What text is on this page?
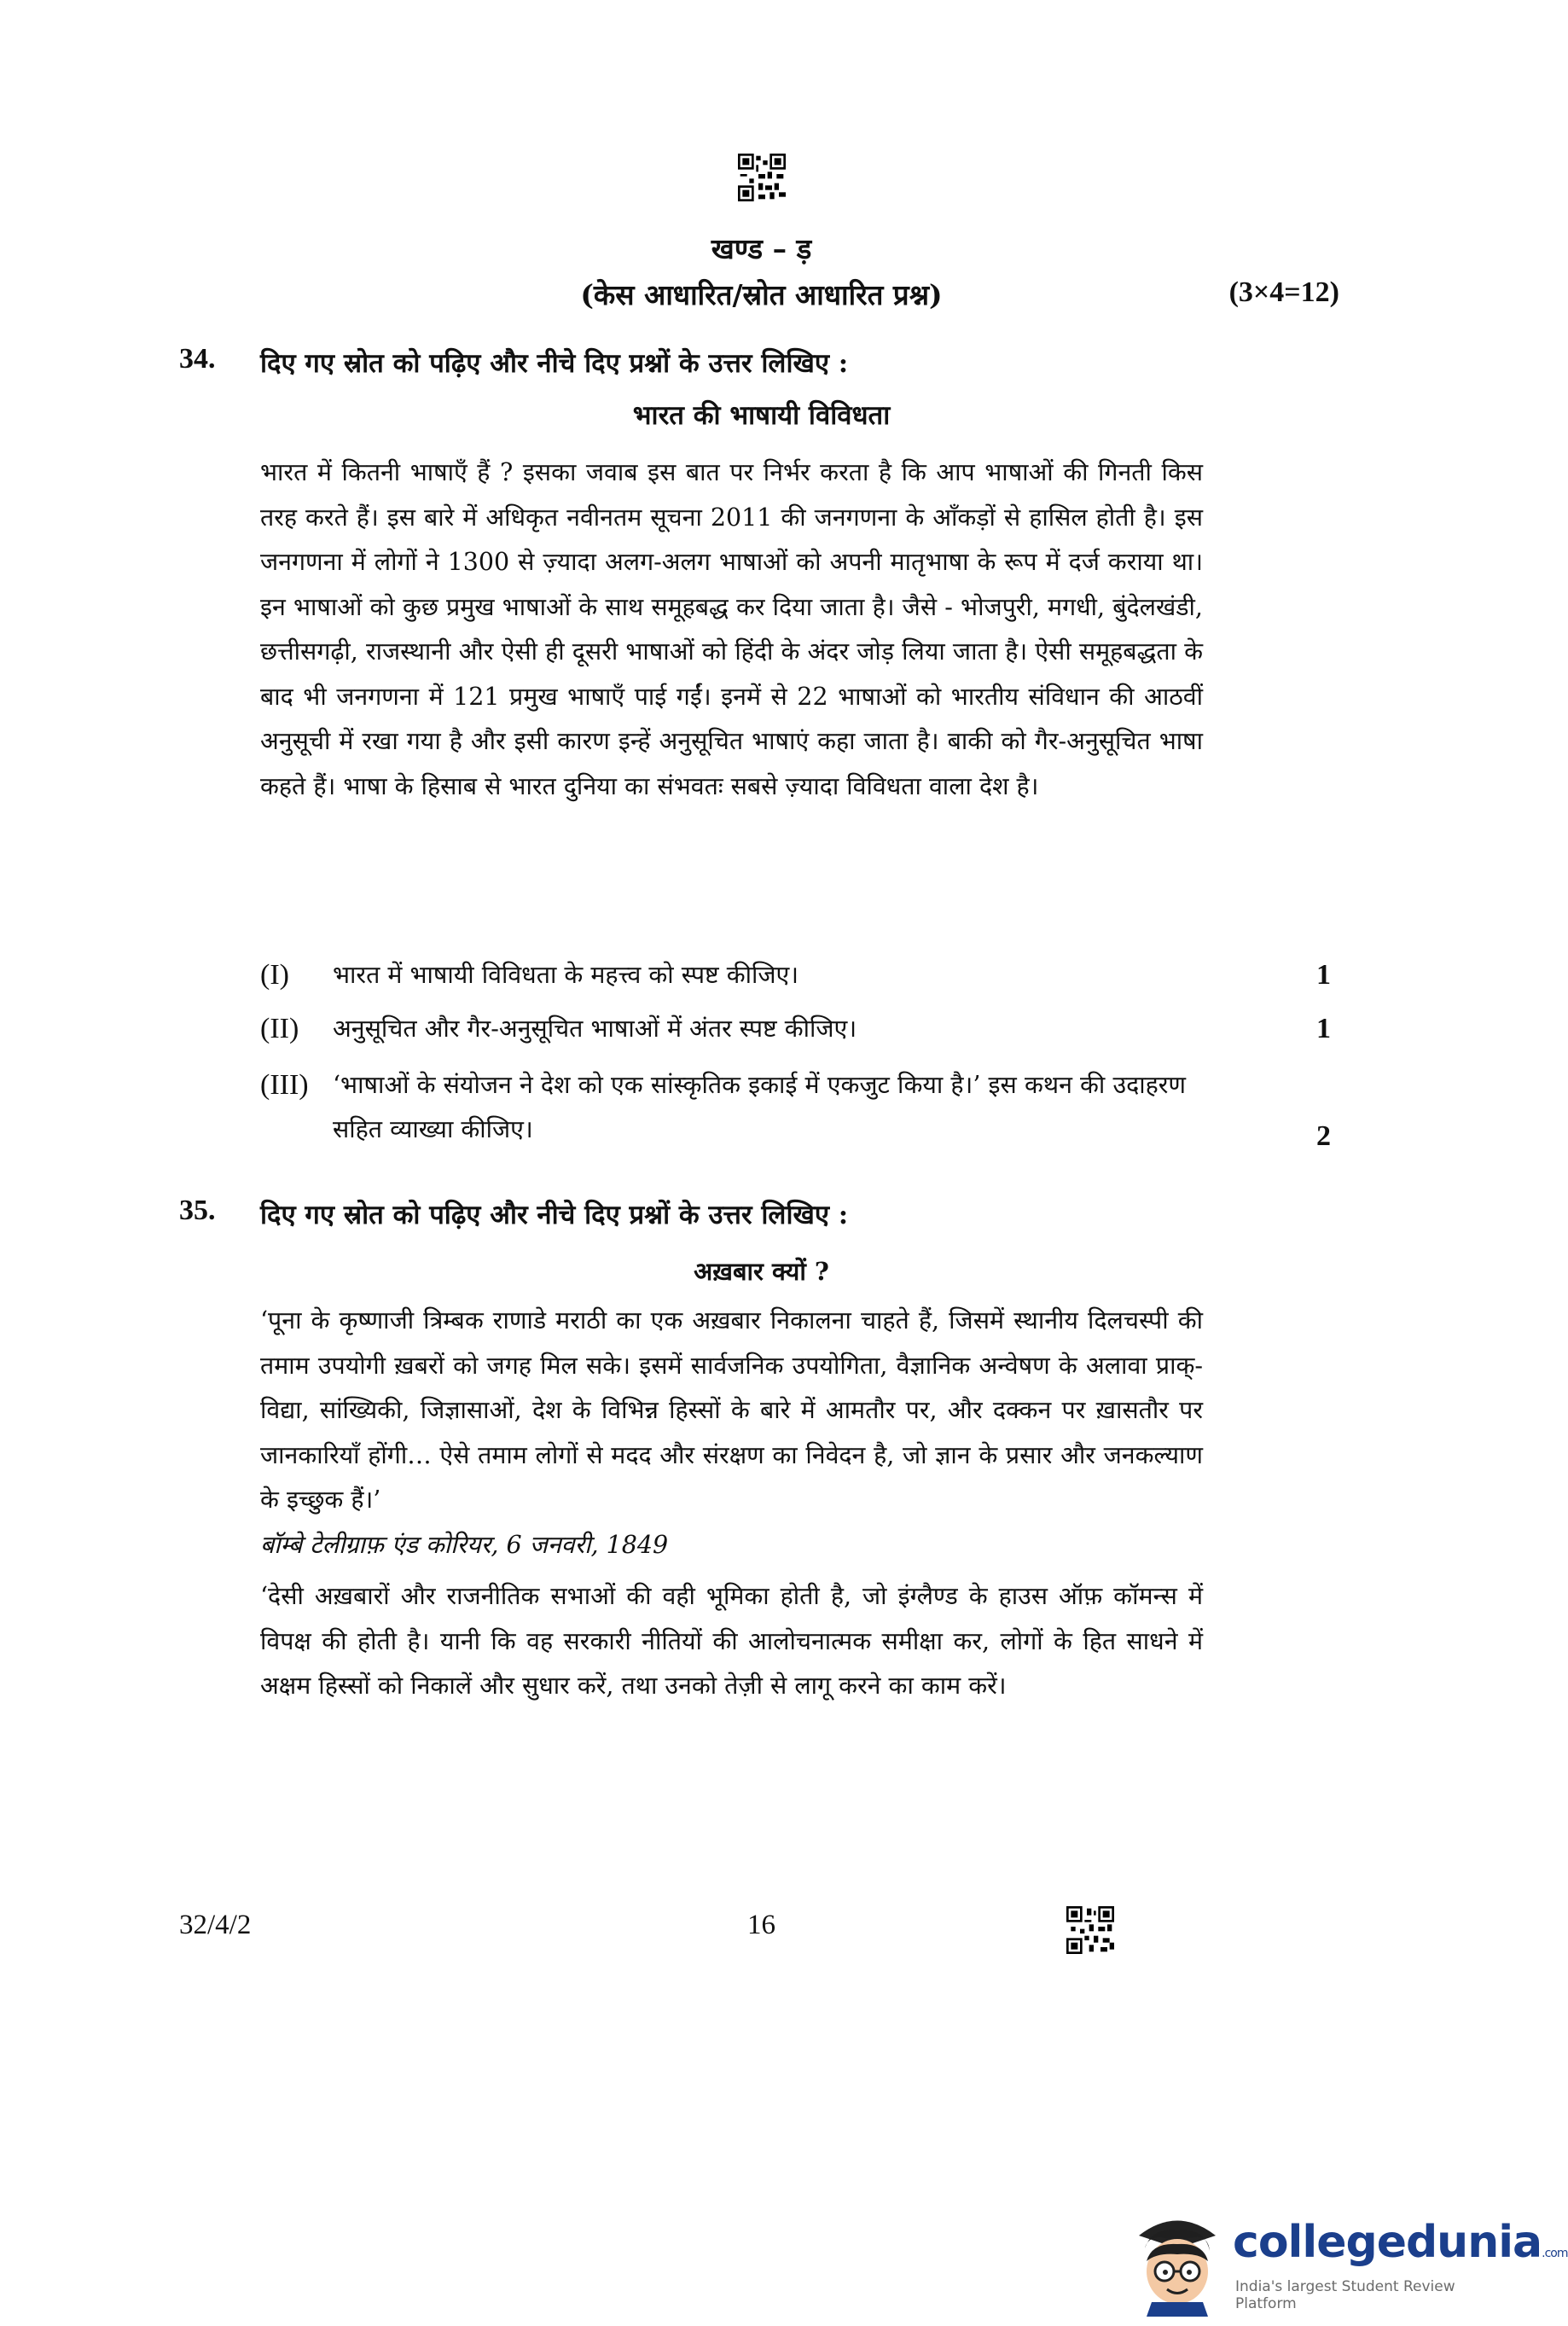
खण्ड – ड़
(केस आधारित/स्रोत आधारित प्रश्न)	(3×4=12)
34. दिए गए स्रोत को पढ़िए और नीचे दिए प्रश्नों के उत्तर लिखिए :
भारत की भाषायी विविधता

भारत में कितनी भाषाएँ हैं ? इसका जवाब इस बात पर निर्भर करता है कि आप भाषाओं की गिनती किस तरह करते हैं। इस बारे में अधिकृत नवीनतम सूचना 2011 की जनगणना के आँकड़ों से हासिल होती है। इस जनगणना में लोगों ने 1300 से ज़्यादा अलग-अलग भाषाओं को अपनी मातृभाषा के रूप में दर्ज कराया था। इन भाषाओं को कुछ प्रमुख भाषाओं के साथ समूहबद्ध कर दिया जाता है। जैसे - भोजपुरी, मगधी, बुंदेलखंडी, छत्तीसगढ़ी, राजस्थानी और ऐसी ही दूसरी भाषाओं को हिंदी के अंदर जोड़ लिया जाता है। ऐसी समूहबद्धता के बाद भी जनगणना में 121 प्रमुख भाषाएँ पाई गईं। इनमें से 22 भाषाओं को भारतीय संविधान की आठवीं अनुसूची में रखा गया है और इसी कारण इन्हें अनुसूचित भाषाएं कहा जाता है। बाकी को गैर-अनुसूचित भाषा कहते हैं। भाषा के हिसाब से भारत दुनिया का संभवतः सबसे ज़्यादा विविधता वाला देश है।

(I) भारत में भाषायी विविधता के महत्त्व को स्पष्ट कीजिए।	1
(II) अनुसूचित और गैर-अनुसूचित भाषाओं में अंतर स्पष्ट कीजिए।	1
(III) ‘भाषाओं के संयोजन ने देश को एक सांस्कृतिक इकाई में एकजुट किया है।’ इस कथन की उदाहरण सहित व्याख्या कीजिए।	2
35. दिए गए स्रोत को पढ़िए और नीचे दिए प्रश्नों के उत्तर लिखिए :
अख़बार क्यों ?

‘पूना के कृष्णाजी त्रिम्बक राणाडे मराठी का एक अख़बार निकालना चाहते हैं, जिसमें स्थानीय दिलचस्पी की तमाम उपयोगी ख़बरों को जगह मिल सके। इसमें सार्वजनिक उपयोगिता, वैज्ञानिक अन्वेषण के अलावा प्राक्-विद्या, सांख्यिकी, जिज्ञासाओं, देश के विभिन्न हिस्सों के बारे में आमतौर पर, और दक्कन पर ख़ासतौर पर जानकारियाँ होंगी… ऐसे तमाम लोगों से मदद और संरक्षण का निवेदन है, जो ज्ञान के प्रसार और जनकल्याण के इच्छुक हैं।’

बॉम्बे टेलीग्राफ़ एंड कोरियर, 6 जनवरी, 1849

‘देसी अख़बारों और राजनीतिक सभाओं की वही भूमिका होती है, जो इंग्लैण्ड के हाउस ऑफ़ कॉमन्स में विपक्ष की होती है। यानी कि वह सरकारी नीतियों की आलोचनात्मक समीक्षा कर, लोगों के हित साधने में अक्षम हिस्सों को निकालें और सुधार करें, तथा उनको तेज़ी से लागू करने का काम करें।

32/4/2	16
collegedunia.com
India's largest Student Review Platform
